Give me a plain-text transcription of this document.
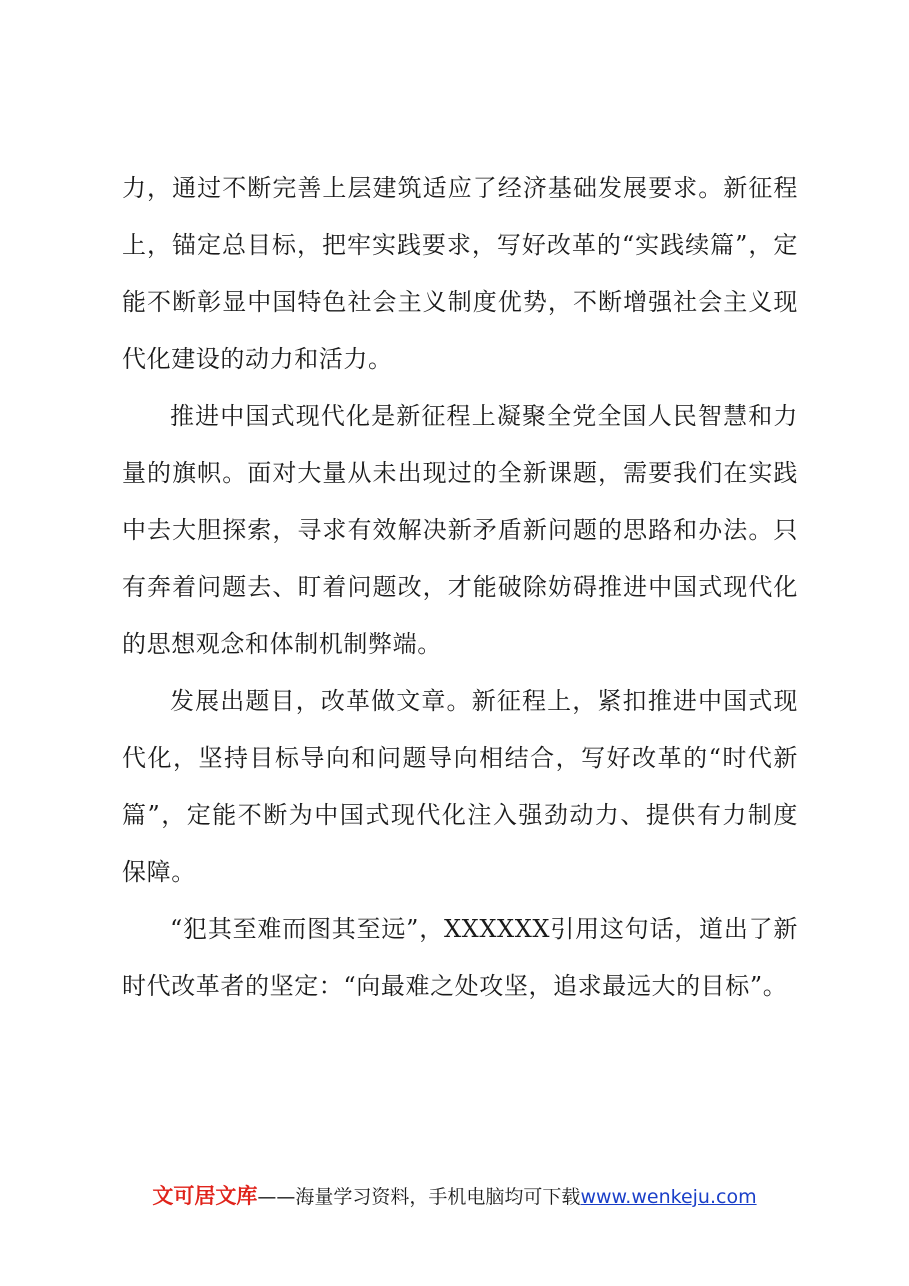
力，通过不断完善上层建筑适应了经济基础发展要求。新征程上，锚定总目标，把牢实践要求，写好改革的“实践续篇”，定能不断彰显中国特色社会主义制度优势，不断增强社会主义现代化建设的动力和活力。

推进中国式现代化是新征程上凝聚全党全国人民智慧和力量的旗帜。面对大量从未出现过的全新课题，需要我们在实践中去大胆探索，寻求有效解决新矛盾新问题的思路和办法。只有奔着问题去、盯着问题改，才能破除妨碍推进中国式现代化的思想观念和体制机制弊端。

发展出题目，改革做文章。新征程上，紧扣推进中国式现代化，坚持目标导向和问题导向相结合，写好改革的“时代新篇”，定能不断为中国式现代化注入强劲动力、提供有力制度保障。

“犯其至难而图其至远”，XXXXXX引用这句话，道出了新时代改革者的坚定：“向最难之处攻坚，追求最远大的目标”。

文可居文库——海量学习资料，手机电脑均可下载www.wenkeju.com
